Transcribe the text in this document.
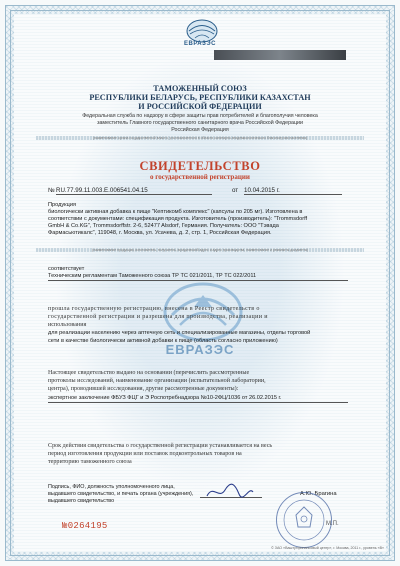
ЕВРАЗЭС
ТАМОЖЕННЫЙ СОЮЗ
РЕСПУБЛИКИ БЕЛАРУСЬ, РЕСПУБЛИКИ КАЗАХСТАН
И РОССИЙСКОЙ ФЕДЕРАЦИИ
Федеральная служба по надзору в сфере защиты прав потребителей и благополучия человека
заместитель Главного государственного санитарного врача Российской Федерации
Российская Федерация
(наименование органа государственной власти, уполномоченного в области санитарно-эпидемиологического благополучия населения)
СВИДЕТЕЛЬСТВО
о государственной регистрации
№ RU.77.99.11.003.Е.006541.04.15	от 10.04.2015 г.
Продукция
биологически активная добавка к пище "Кептикомб комплекс" (капсулы по 205 мг). Изготовлена в
соответствии с документами: спецификация продукта. Изготовитель (производитель): "Trommsdorff
GmbH & Co.KG", Trommsdorffstr. 2-6, 52477 Alsdorf, Германия. Получатель: ООО "Тэвада
Фармасьютикалс", 119048, г. Москва, ул. Усачева, д. 2, стр. 1, Российская Федерация.
(наименование продукции, изготовитель, получатель, юридический адрес и адрес производства, наименование и реквизиты документа)
ЕВРАЗЭС
соответствует
Техническим регламентам Таможенного союза ТР ТС 021/2011, ТР ТС 022/2011
прошла государственную регистрацию, внесена в Реестр свидетельств о
государственной регистрации и разрешена для производства, реализации и
использования
для реализации населению через аптечную сеть и специализированные магазины, отделы торговой
сети в качестве биологически активной добавки к пище (область согласно приложению)
Настоящее свидетельство выдано на основании (перечислить рассмотренные
протоколы исследований, наименование организации (испытательной лаборатории,
центра), проводившей исследования, другие рассмотренные документы):
экспертное заключение ФБУЗ ФЦГ и Э Роспотребнадзора №10-2ФЦ/1036 от 26.02.2015 г.
Срок действия свидетельства о государственной регистрации устанавливается на весь
период изготовления продукции или поставок подконтрольных товаров на
территорию таможенного союза
Подпись, ФИО, должность уполномоченного лица,
выдавшего свидетельство, и печать органа (учреждения),
выдавшего свидетельство
А.Ю. Брагина
№0264195	М.П.
© ЗАО «Ваштутфинансовый центр», г. Москва, 2011 г., уровень «В»
